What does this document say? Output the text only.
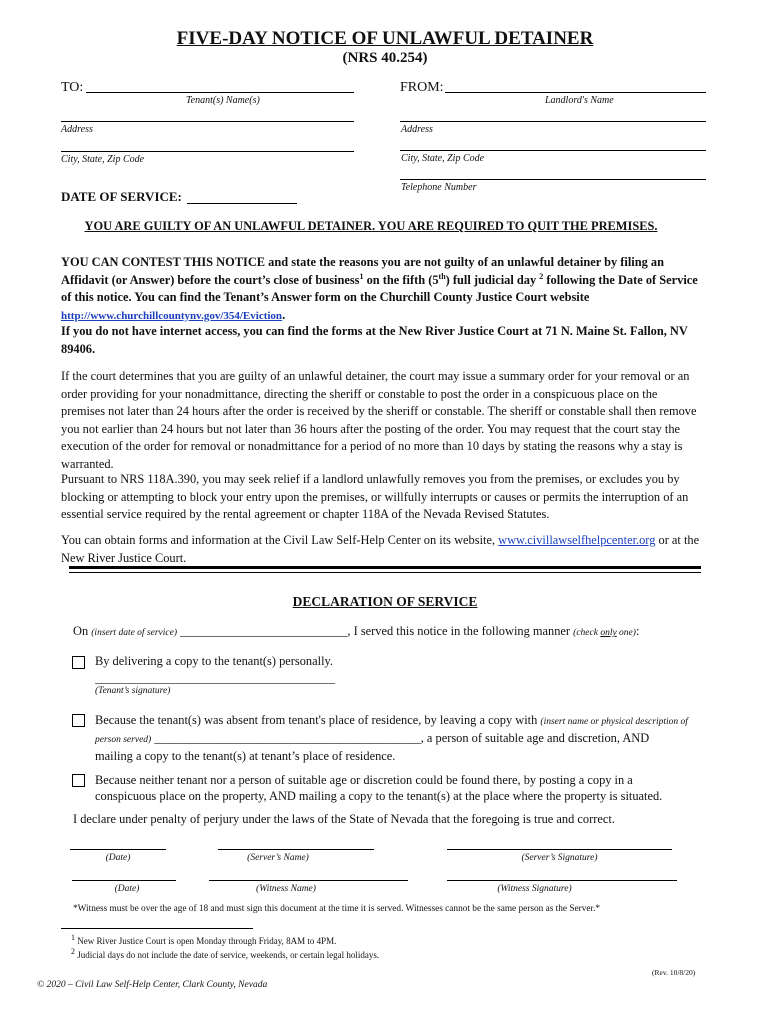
FIVE-DAY NOTICE OF UNLAWFUL DETAINER
(NRS 40.254)
TO:
Tenant(s) Name(s)
FROM:
Landlord's Name
Address	Address
City, State, Zip Code	City, State, Zip Code
Telephone Number
DATE OF SERVICE:
YOU ARE GUILTY OF AN UNLAWFUL DETAINER. YOU ARE REQUIRED TO QUIT THE PREMISES.
YOU CAN CONTEST THIS NOTICE and state the reasons you are not guilty of an unlawful detainer by filing an Affidavit (or Answer) before the court’s close of business$^1$ on the fifth (5th) full judicial day $^2$ following the Date of Service of this notice. You can find the Tenant’s Answer form on the Churchill County Justice Court website http://www.churchillcountynv.gov/354/Eviction.
If you do not have internet access, you can find the forms at the New River Justice Court at 71 N. Maine St. Fallon, NV 89406.
If the court determines that you are guilty of an unlawful detainer, the court may issue a summary order for your removal or an order providing for your nonadmittance, directing the sheriff or constable to post the order in a conspicuous place on the premises not later than 24 hours after the order is received by the sheriff or constable. The sheriff or constable shall then remove you not earlier than 24 hours but not later than 36 hours after the posting of the order. You may request that the court stay the execution of the order for removal or nonadmittance for a period of no more than 10 days by stating the reasons why a stay is warranted.
Pursuant to NRS 118A.390, you may seek relief if a landlord unlawfully removes you from the premises, or excludes you by blocking or attempting to block your entry upon the premises, or willfully interrupts or causes or permits the interruption of an essential service required by the rental agreement or chapter 118A of the Nevada Revised Statutes.
You can obtain forms and information at the Civil Law Self-Help Center on its website, www.civillawselfhelpcenter.org or at the New River Justice Court.
DECLARATION OF SERVICE
On (insert date of service) ___________________________, I served this notice in the following manner (check only one):
By delivering a copy to the tenant(s) personally.
________________________________________
(Tenant’s signature)
Because the tenant(s) was absent from tenant's place of residence, by leaving a copy with (insert name or physical description of person served) ___________________________________________, a person of suitable age and discretion, AND
mailing a copy to the tenant(s) at tenant’s place of residence.
Because neither tenant nor a person of suitable age or discretion could be found there, by posting a copy in a conspicuous place on the property, AND mailing a copy to the tenant(s) at the place where the property is situated.
I declare under penalty of perjury under the laws of the State of Nevada that the foregoing is true and correct.
(Date)	(Server’s Name)	(Server’s Signature)
(Date)	(Witness Name)	(Witness Signature)
*Witness must be over the age of 18 and must sign this document at the time it is served. Witnesses cannot be the same person as the Server.*
$^1$ New River Justice Court is open Monday through Friday, 8AM to 4PM.
$^2$ Judicial days do not include the date of service, weekends, or certain legal holidays.
(Rev. 10/8/20)
© 2020 – Civil Law Self-Help Center, Clark County, Nevada
